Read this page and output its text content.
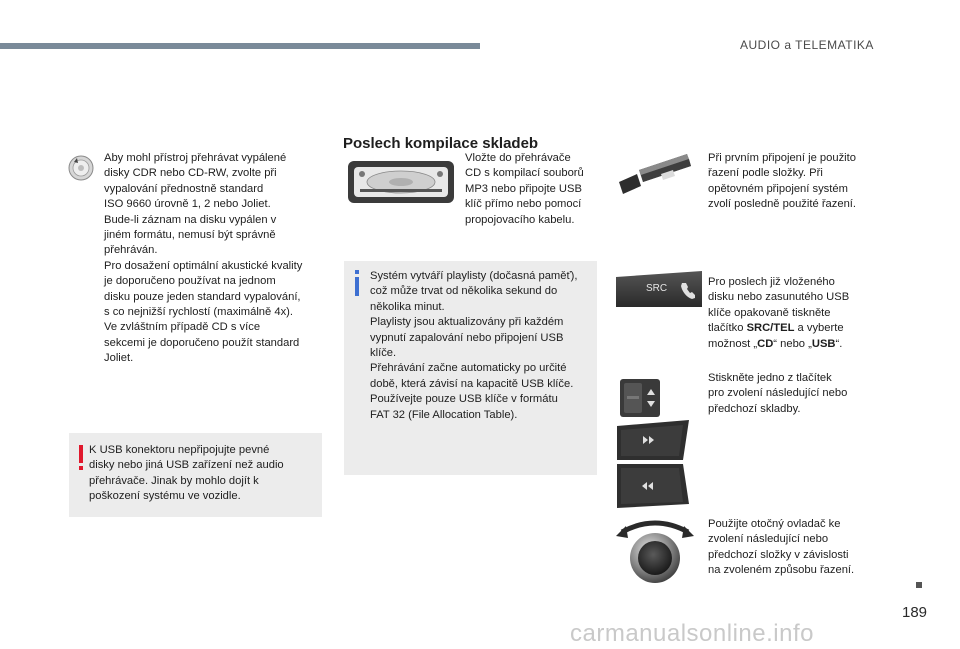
AUDIO a TELEMATIKA
Aby mohl přístroj přehrávat vypálené
disky CDR nebo CD-RW, zvolte při
vypalování přednostně standard
ISO 9660 úrovně 1, 2 nebo Joliet.
Bude-li záznam na disku vypálen v
jiném formátu, nemusí být správně
přehráván.
Pro dosažení optimální akustické kvality
je doporučeno používat na jednom
disku pouze jeden standard vypalování,
s co nejnižší rychlostí (maximálně 4x).
Ve zvláštním případě CD s více
sekcemi je doporučeno použít standard
Joliet.
K USB konektoru nepřipojujte pevné
disky nebo jiná USB zařízení než audio
přehrávače. Jinak by mohlo dojít k
poškození systému ve vozidle.
Poslech kompilace skladeb
Vložte do přehrávače
CD s kompilací souborů
MP3 nebo připojte USB
klíč přímo nebo pomocí
propojovacího kabelu.
Systém vytváří playlisty (dočasná paměť),
což může trvat od několika sekund do
několika minut.
Playlisty jsou aktualizovány při každém
vypnutí zapalování nebo připojení USB
klíče.
Přehrávání začne automaticky po určité
době, která závisí na kapacitě USB klíče.
Používejte pouze USB klíče v formátu
FAT 32 (File Allocation Table).
Při prvním připojení je použito
řazení podle složky. Při
opětovném připojení systém
zvolí posledně použité řazení.
SRC
Pro poslech již vloženého
disku nebo zasunutého USB
klíče opakovaně tiskněte
tlačítko SRC/TEL a vyberte
možnost „CD“ nebo „USB“.
Stiskněte jedno z tlačítek
pro zvolení následující nebo
předchozí skladby.
Použijte otočný ovladač ke
zvolení následující nebo
předchozí složky v závislosti
na zvoleném způsobu řazení.
189
carmanualsonline.info
